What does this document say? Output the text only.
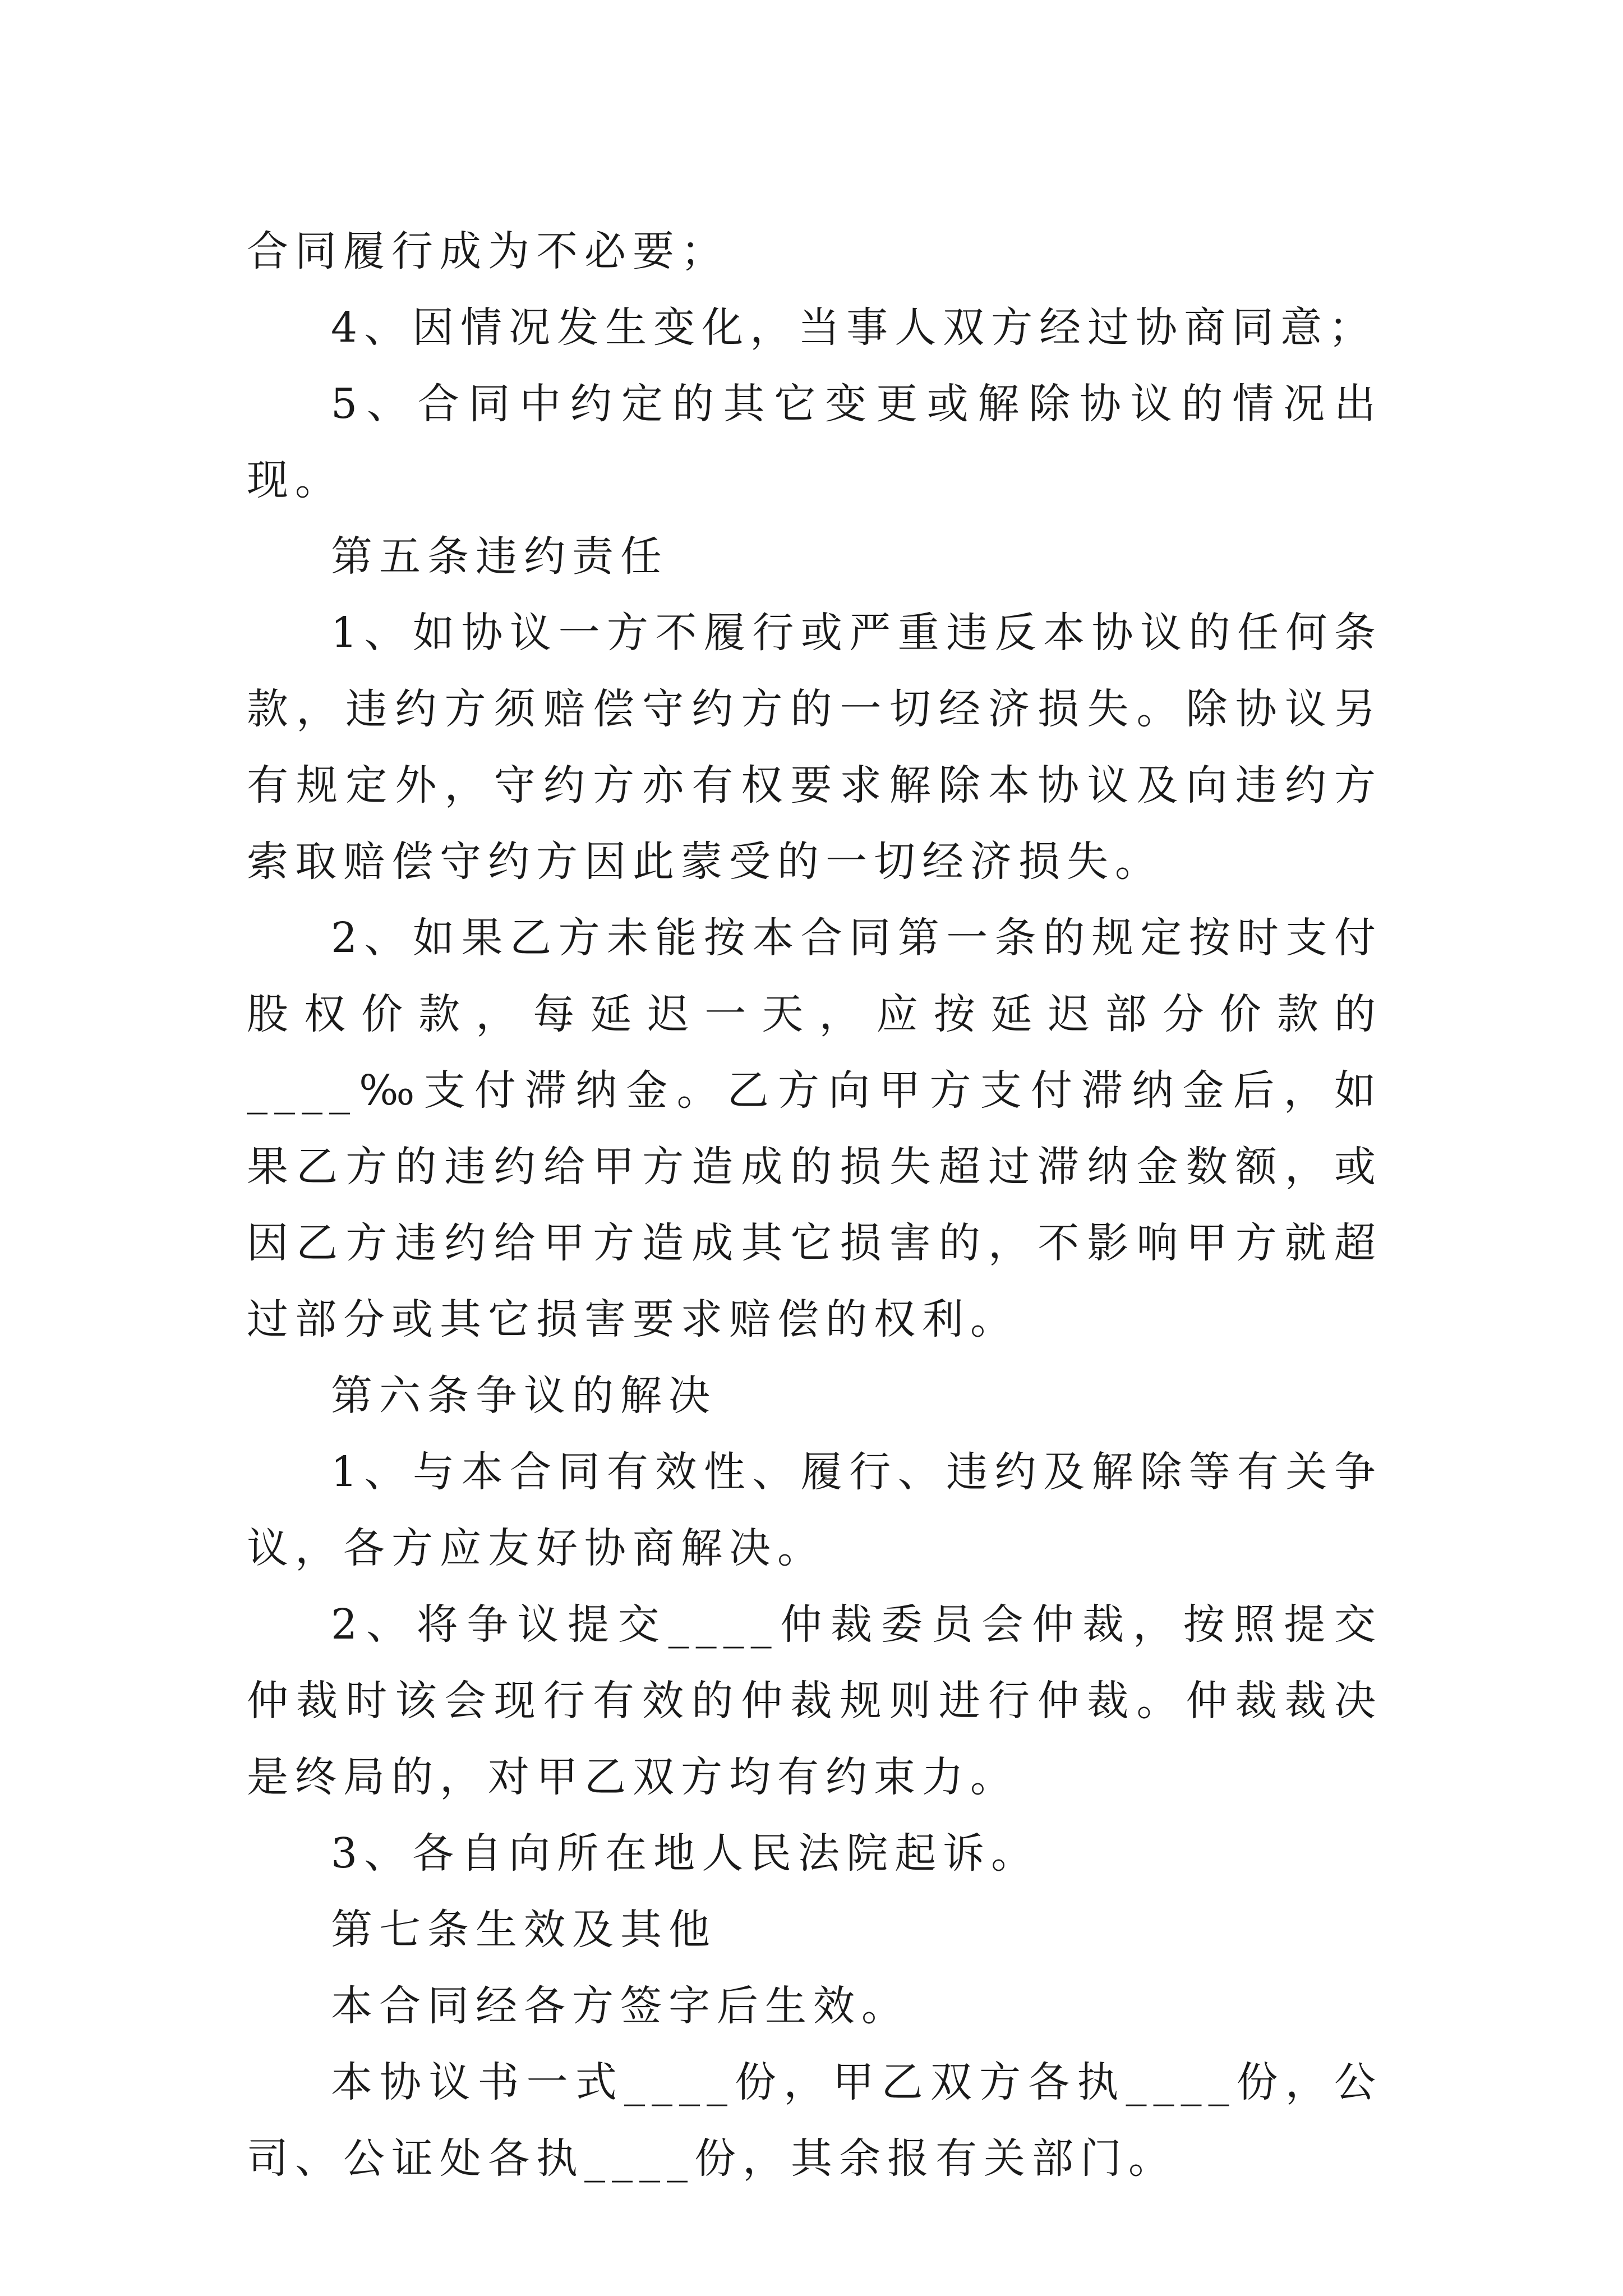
合同履行成为不必要；

4、因情况发生变化，当事人双方经过协商同意；

5、合同中约定的其它变更或解除协议的情况出现。

第五条违约责任

1、如协议一方不履行或严重违反本协议的任何条款，违约方须赔偿守约方的一切经济损失。除协议另有规定外，守约方亦有权要求解除本协议及向违约方索取赔偿守约方因此蒙受的一切经济损失。

2、如果乙方未能按本合同第一条的规定按时支付股权价款，每延迟一天，应按延迟部分价款的____‰支付滞纳金。乙方向甲方支付滞纳金后，如果乙方的违约给甲方造成的损失超过滞纳金数额，或因乙方违约给甲方造成其它损害的，不影响甲方就超过部分或其它损害要求赔偿的权利。

第六条争议的解决

1、与本合同有效性、履行、违约及解除等有关争议，各方应友好协商解决。

2、将争议提交____仲裁委员会仲裁，按照提交仲裁时该会现行有效的仲裁规则进行仲裁。仲裁裁决是终局的，对甲乙双方均有约束力。

3、各自向所在地人民法院起诉。

第七条生效及其他

本合同经各方签字后生效。

本协议书一式____份，甲乙双方各执____份，公司、公证处各执____份，其余报有关部门。
